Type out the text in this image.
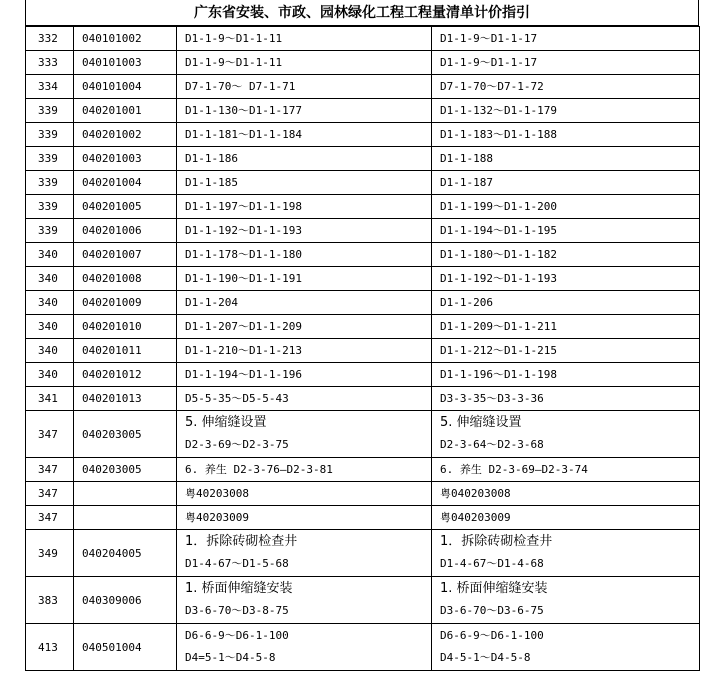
广东省安装、市政、园林绿化工程工程量清单计价指引
332	040101002	D1-1-9～D1-1-11	D1-1-9～D1-1-17

333	040101003	D1-1-9～D1-1-11	D1-1-9～D1-1-17

334	040101004	D7-1-70～ D7-1-71	D7-1-70～D7-1-72

339	040201001	D1-1-130～D1-1-177	D1-1-132～D1-1-179

339	040201002	D1-1-181～D1-1-184	D1-1-183～D1-1-188

339	040201003	D1-1-186	D1-1-188

339	040201004	D1-1-185	D1-1-187

339	040201005	D1-1-197～D1-1-198	D1-1-199～D1-1-200

339	040201006	D1-1-192～D1-1-193	D1-1-194～D1-1-195

340	040201007	D1-1-178～D1-1-180	D1-1-180～D1-1-182

340	040201008	D1-1-190～D1-1-191	D1-1-192～D1-1-193

340	040201009	D1-1-204	D1-1-206

340	040201010	D1-1-207～D1-1-209	D1-1-209～D1-1-211

340	040201011	D1-1-210～D1-1-213	D1-1-212～D1-1-215

340	040201012	D1-1-194～D1-1-196	D1-1-196～D1-1-198

341	040201013	D5-5-35～D5-5-43	D3-3-35～D3-3-36

347	040203005	5. 伸缩缝设置
D2-3-69～D2-3-75	5. 伸缩缝设置
D2-3-64～D2-3-68

347	040203005	6. 养生 D2-3-76—D2-3-81	6. 养生 D2-3-69—D2-3-74

347		粤40203008	粤040203008

347		粤40203009	粤040203009

349	040204005	1．拆除砖砌检查井
D1-4-67～D1-5-68	1．拆除砖砌检查井
D1-4-67～D1-4-68

383	040309006	1. 桥面伸缩缝安装
D3-6-70～D3-8-75	1. 桥面伸缩缝安装
D3-6-70～D3-6-75

413	040501004	D6-6-9～D6-1-100
D4=5-1～D4-5-8	D6-6-9～D6-1-100
D4-5-1～D4-5-8
